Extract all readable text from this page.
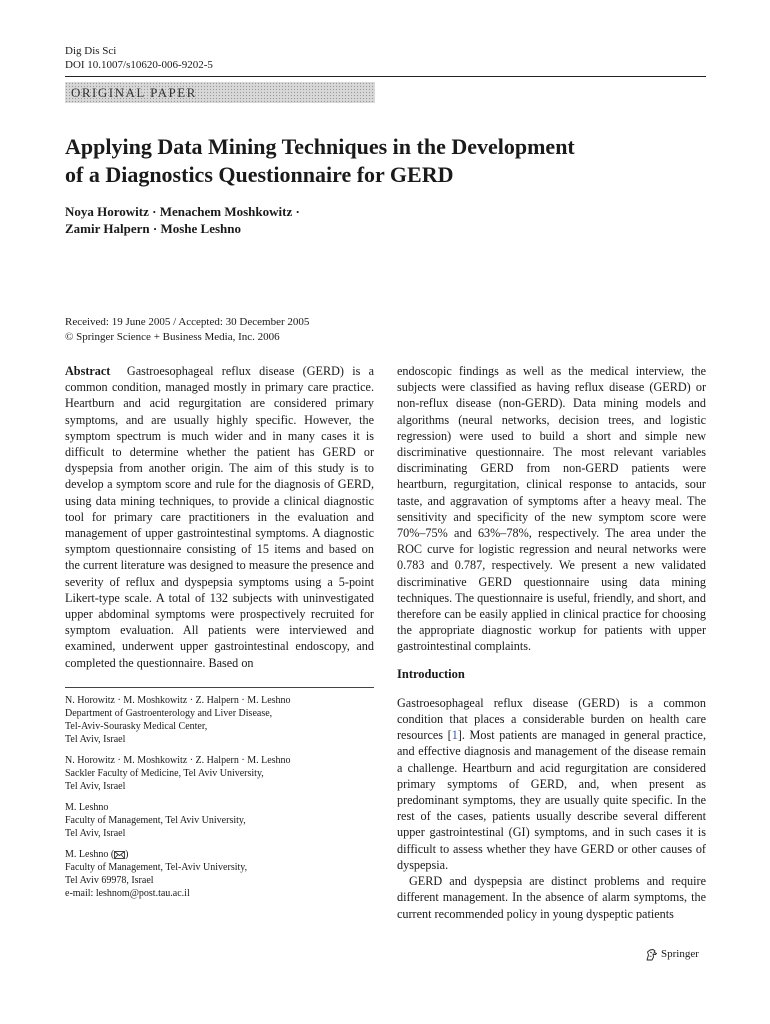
Dig Dis Sci
DOI 10.1007/s10620-006-9202-5
ORIGINAL PAPER
Applying Data Mining Techniques in the Development
of a Diagnostics Questionnaire for GERD
Noya Horowitz · Menachem Moshkowitz ·
Zamir Halpern · Moshe Leshno
Received: 19 June 2005 / Accepted: 30 December 2005
© Springer Science + Business Media, Inc. 2006

Abstract Gastroesophageal reflux disease (GERD) is a common condition, managed mostly in primary care practice. Heartburn and acid regurgitation are considered primary symptoms, and are usually highly specific. However, the symptom spectrum is much wider and in many cases it is difficult to determine whether the patient has GERD or dyspepsia from another origin. The aim of this study is to develop a symptom score and rule for the diagnosis of GERD, using data mining techniques, to provide a clinical diagnostic tool for primary care practitioners in the evaluation and management of upper gastrointestinal symptoms. A diagnostic symptom questionnaire consisting of 15 items and based on the current literature was designed to measure the presence and severity of reflux and dyspepsia symptoms using a 5-point Likert-type scale. A total of 132 subjects with uninvestigated upper abdominal symptoms were prospectively recruited for symptom evaluation. All patients were interviewed and examined, underwent upper gastrointestinal endoscopy, and completed the questionnaire. Based on

endoscopic findings as well as the medical interview, the subjects were classified as having reflux disease (GERD) or non-reflux disease (non-GERD). Data mining models and algorithms (neural networks, decision trees, and logistic regression) were used to build a short and simple new discriminative questionnaire. The most relevant variables discriminating GERD from non-GERD patients were heartburn, regurgitation, clinical response to antacids, sour taste, and aggravation of symptoms after a heavy meal. The sensitivity and specificity of the new symptom score were 70%–75% and 63%–78%, respectively. The area under the ROC curve for logistic regression and neural networks were 0.783 and 0.787, respectively. We present a new validated discriminative GERD questionnaire using data mining techniques. The questionnaire is useful, friendly, and short, and therefore can be easily applied in clinical practice for choosing the appropriate diagnostic workup for patients with upper gastrointestinal complaints.

Introduction

Gastroesophageal reflux disease (GERD) is a common condition that places a considerable burden on health care resources [1]. Most patients are managed in general practice, and effective diagnosis and management of the disease remain a challenge. Heartburn and acid regurgitation are considered primary symptoms of GERD, and, when present as predominant symptoms, they are usually quite specific. In the rest of the cases, patients usually describe several different upper gastrointestinal (GI) symptoms, and in such cases it is difficult to assess whether they have GERD or other causes of dyspepsia.

GERD and dyspepsia are distinct problems and require different management. In the absence of alarm symptoms, the current recommended policy in young dyspeptic patients

N. Horowitz · M. Moshkowitz · Z. Halpern · M. Leshno
Department of Gastroenterology and Liver Disease,
Tel-Aviv-Sourasky Medical Center,
Tel Aviv, Israel
N. Horowitz · M. Moshkowitz · Z. Halpern · M. Leshno
Sackler Faculty of Medicine, Tel Aviv University,
Tel Aviv, Israel
M. Leshno
Faculty of Management, Tel Aviv University,
Tel Aviv, Israel
M. Leshno ( )
Faculty of Management, Tel-Aviv University,
Tel Aviv 69978, Israel
e-mail: leshnom@post.tau.ac.il
Springer
